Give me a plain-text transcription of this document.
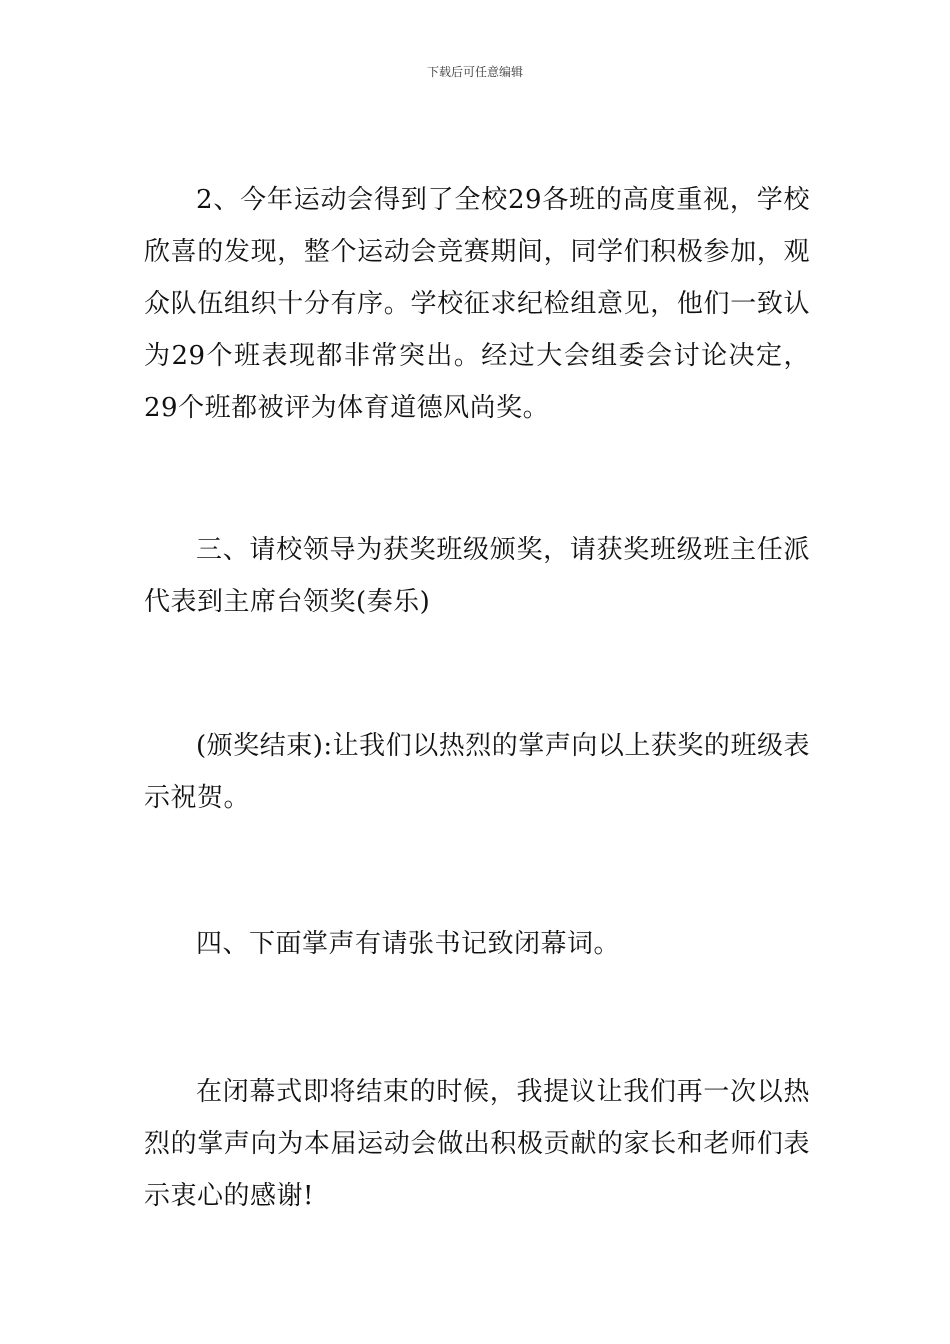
下载后可任意编辑

2、今年运动会得到了全校29各班的高度重视，学校欣喜的发现，整个运动会竞赛期间，同学们积极参加，观众队伍组织十分有序。学校征求纪检组意见，他们一致认为29个班表现都非常突出。经过大会组委会讨论决定，29个班都被评为体育道德风尚奖。

三、请校领导为获奖班级颁奖，请获奖班级班主任派代表到主席台领奖(奏乐)

(颁奖结束):让我们以热烈的掌声向以上获奖的班级表示祝贺。

四、下面掌声有请张书记致闭幕词。

在闭幕式即将结束的时候，我提议让我们再一次以热烈的掌声向为本届运动会做出积极贡献的家长和老师们表示衷心的感谢!
